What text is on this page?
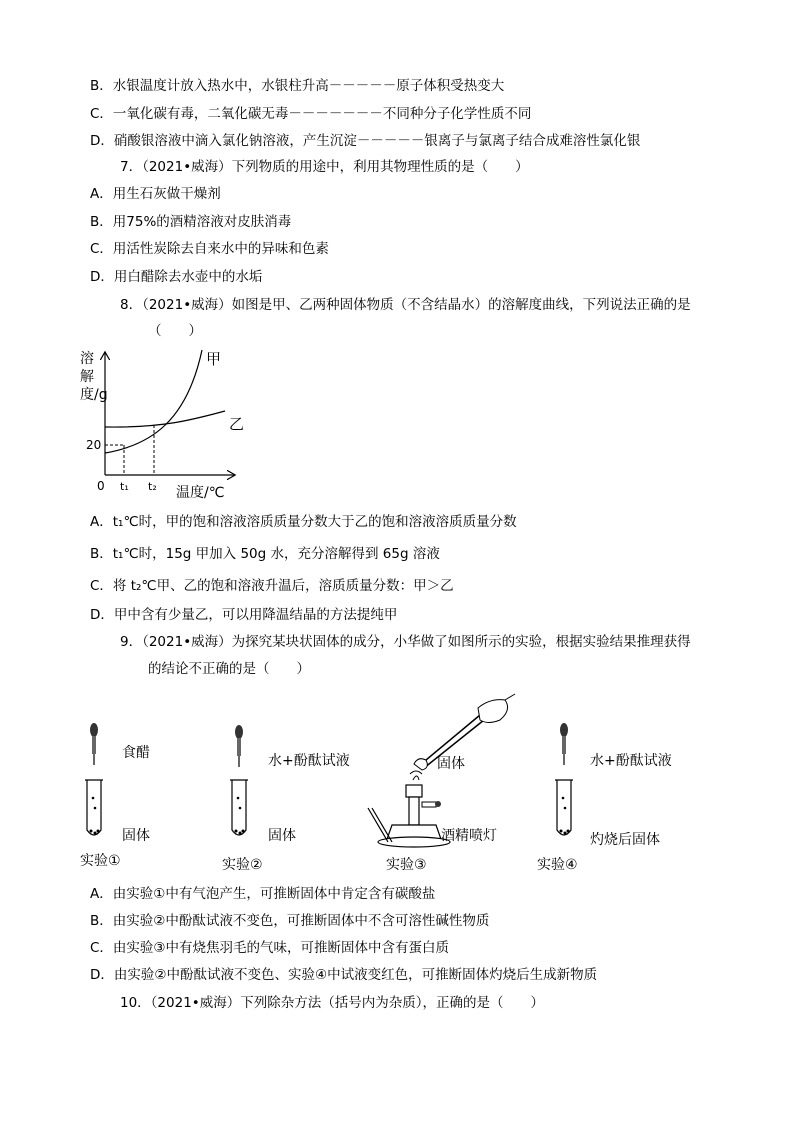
B．水银温度计放入热水中，水银柱升高－－－－－原子体积受热变大
C．一氧化碳有毒，二氧化碳无毒－－－－－－－不同种分子化学性质不同
D．硝酸银溶液中滴入氯化钠溶液，产生沉淀－－－－－银离子与氯离子结合成难溶性氯化银
7．（2021•威海）下列物质的用途中，利用其物理性质的是（　　）
A．用生石灰做干燥剂
B．用75%的酒精溶液对皮肤消毒
C．用活性炭除去自来水中的异味和色素
D．用白醋除去水壶中的水垢
8．（2021•威海）如图是甲、乙两种固体物质（不含结晶水）的溶解度曲线，下列说法正确的是
（　　）
20
0 t₁ t₂
溶解度/g
甲
乙
温度/℃
A．t₁℃时，甲的饱和溶液溶质质量分数大于乙的饱和溶液溶质质量分数
B．t₁℃时，15g 甲加入 50g 水，充分溶解得到 65g 溶液
C．将 t₂℃甲、乙的饱和溶液升温后，溶质质量分数：甲＞乙
D．甲中含有少量乙，可以用降温结晶的方法提纯甲
9．（2021•威海）为探究某块状固体的成分，小华做了如图所示的实验，根据实验结果推理获得
的结论不正确的是（　　）
食醋
固体
实验①
水+酚酞试液
固体
实验②
固体
酒精喷灯
实验③
水+酚酞试液
灼烧后固体
实验④
A．由实验①中有气泡产生，可推断固体中肯定含有碳酸盐
B．由实验②中酚酞试液不变色，可推断固体中不含可溶性碱性物质
C．由实验③中有烧焦羽毛的气味，可推断固体中含有蛋白质
D．由实验②中酚酞试液不变色、实验④中试液变红色，可推断固体灼烧后生成新物质
10．（2021•威海）下列除杂方法（括号内为杂质），正确的是（　　）
